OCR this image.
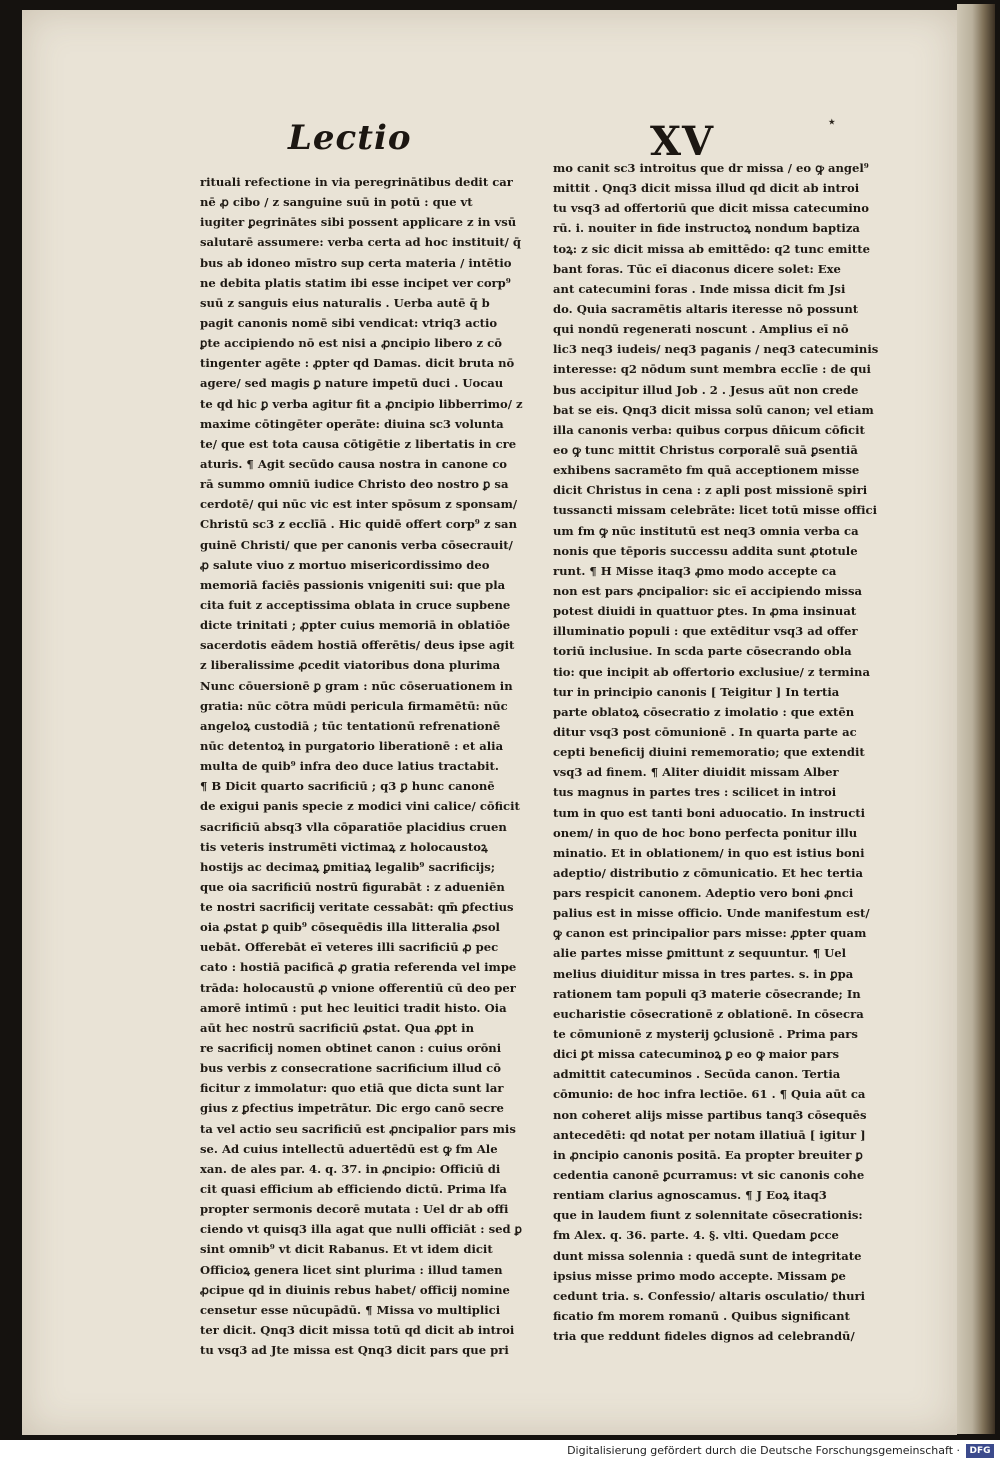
Lectio	XV	٭
rituali refectione in via peregrinātibus dedit car
nē ꝓ cibo / z sanguine suū in potū : que vt
iugiter ꝑegrinātes sibi possent applicare z in vsū
salutarē assumere: verba certa ad hoc instituit/ q̄
bus ab idoneo mīstro sup certa materia / intētio
ne debita platis statim ibi esse incipet ver corp⁹
suū z sanguis eius naturalis . Uerba autē q̄ b
pagit canonis nomē sibi vendicat: vtriq3 actio
ꝑte accipiendo nō est nisi a ꝓncipio libero z cō
tingenter agēte : ꝓpter qd Damas. dicit bruta nō
agere/ sed magis ꝑ nature impetū duci . Uocau
te qd hic ꝑ verba agitur fit a ꝓncipio libberrimo/ z
maxime cōtingēter operāte: diuina sc3 volunta
te/ que est tota causa cōtigētie z libertatis in cre
aturis. ¶ Agit secūdo causa nostra in canone co
rā summo omniū iudice Christo deo nostro ꝑ sa
cerdotē/ qui nūc vic est inter spōsum z sponsam/
Christū sc3 z ecclīā . Hic quidē offert corp⁹ z san
guinē Christi/ que per canonis verba cōsecrauit/
ꝓ salute viuo z mortuo misericordissimo deo
memoriā faciēs passionis vnigeniti sui: que pla
cita fuit z acceptissima oblata in cruce supbene
dicte trinitati ; ꝓpter cuius memoriā in oblatiōe
sacerdotis eādem hostiā offerētis/ deus ipse agit
z liberalissime ꝓcedit viatoribus dona plurima
Nunc cōuersionē ꝑ gram : nūc cōseruationem in
gratia: nūc cōtra mūdi pericula firmamētū: nūc
angeloꝝ custodiā ; tūc tentationū refrenationē
nūc detentoꝝ in purgatorio liberationē : et alia
multa de quib⁹ infra deo duce latius tractabit.
¶ B Dicit quarto sacrificiū ; q3 ꝑ hunc canonē
de exigui panis specie z modici vini calice/ cōficit
sacrificiū absq3 vlla cōparatiōe placidius cruen
tis veteris instrumēti victimaꝝ z holocaustoꝝ
hostijs ac decimaꝝ ꝑmitiaꝝ legalib⁹ sacrificijs;
que oia sacrificiū nostrū figurabāt : z adueniēn
te nostri sacrificij veritate cessabāt: qm̄ ꝑfectius
oia ꝓstat ꝑ quib⁹ cōsequēdis illa litteralia ꝓsol
uebāt. Offerebāt eī veteres illi sacrificiū ꝓ pec
cato : hostiā pacificā ꝓ gratia referenda vel impe
trāda: holocaustū ꝓ vnione offerentiū cū deo per
amorē intimū : put hec leuitici tradit histo. Oia
aūt hec nostrū sacrificiū ꝓstat. Qua ꝓpt in
re sacrificij nomen obtinet canon : cuius orōni
bus verbis z consecratione sacrificium illud cō
ficitur z immolatur: quo etiā que dicta sunt lar
gius z ꝑfectius impetrātur. Dic ergo canō secre
ta vel actio seu sacrificiū est ꝓncipalior pars mis
se. Ad cuius intellectū aduertēdū est ꝙ fm Ale
xan. de ales par. 4. q. 37. in ꝓncipio: Officiū di
cit quasi efficium ab efficiendo dictū. Prima lfa
propter sermonis decorē mutata : Uel dr ab offi
ciendo vt quisq3 illa agat que nulli officiāt : sed ꝑ
sint omnib⁹ vt dicit Rabanus. Et vt idem dicit
Officioꝝ genera licet sint plurima : illud tamen
ꝓcipue qd in diuinis rebus habet/ officij nomine
censetur esse nūcupādū. ¶ Missa vo multiplici
ter dicit. Qnq3 dicit missa totū qd dicit ab introi
tu vsq3 ad Jte missa est Qnq3 dicit pars que pri
mo canit sc3 introitus que dr missa / eo ꝙ angel⁹
mittit . Qnq3 dicit missa illud qd dicit ab introi
tu vsq3 ad offertoriū que dicit missa catecumino
rū. i. nouiter in fide instructoꝝ nondum baptiza
toꝝ: z sic dicit missa ab emittēdo: q2 tunc emitte
bant foras. Tūc eī diaconus dicere solet: Exe
ant catecumini foras . Inde missa dicit fm Jsi
do. Quia sacramētis altaris iteresse nō possunt
qui nondū regenerati noscunt . Amplius eī nō
lic3 neq3 iudeis/ neq3 paganis / neq3 catecuminis
interesse: q2 nōdum sunt membra ecclīe : de qui
bus accipitur illud Job . 2 . Jesus aūt non crede
bat se eis. Qnq3 dicit missa solū canon; vel etiam
illa canonis verba: quibus corpus dn̄icum cōficit
eo ꝙ tunc mittit Christus corporalē suā ꝑsentiā
exhibens sacramēto fm quā acceptionem misse
dicit Christus in cena : z apli post missionē spiri
tussancti missam celebrāte: licet totū misse offici
um fm ꝙ nūc institutū est neq3 omnia verba ca
nonis que tēporis successu addita sunt ꝓtotule
runt. ¶ H Misse itaq3 ꝓmo modo accepte ca
non est pars ꝓncipalior: sic eī accipiendo missa
potest diuidi in quattuor ꝑtes. In ꝓma insinuat
illuminatio populi : que extēditur vsq3 ad offer
toriū inclusiue. In scda parte cōsecrando obla
tio: que incipit ab offertorio exclusiue/ z termina
tur in principio canonis [ Teigitur ] In tertia
parte oblatoꝝ cōsecratio z imolatio : que extēn
ditur vsq3 post cōmunionē . In quarta parte ac
cepti beneficij diuini rememoratio; que extendit
vsq3 ad finem. ¶ Aliter diuidit missam Alber
tus magnus in partes tres : scilicet in introi
tum in quo est tanti boni aduocatio. In instructi
onem/ in quo de hoc bono perfecta ponitur illu
minatio. Et in oblationem/ in quo est istius boni
adeptio/ distributio z cōmunicatio. Et hec tertia
pars respicit canonem. Adeptio vero boni ꝓnci
palius est in misse officio. Unde manifestum est/
ꝙ canon est principalior pars misse: ꝓpter quam
alie partes misse ꝑmittunt z sequuntur. ¶ Uel
melius diuiditur missa in tres partes. s. in ꝑpa
rationem tam populi q3 materie cōsecrande; In
eucharistie cōsecrationē z oblationē. In cōsecra
te cōmunionē z mysterij ꝯclusionē . Prima pars
dici ꝑt missa catecuminoꝝ ꝑ eo ꝙ maior pars
admittit catecuminos . Secūda canon. Tertia
cōmunio: de hoc infra lectiōe. 61 . ¶ Quia aūt ca
non coheret alijs misse partibus tanq3 cōsequēs
antecedēti: qd notat per notam illatiuā [ igitur ]
in ꝓncipio canonis positā. Ea propter breuiter ꝑ
cedentia canonē ꝑcurramus: vt sic canonis cohe
rentiam clarius agnoscamus. ¶ J Eoꝝ itaq3
que in laudem fiunt z solennitate cōsecrationis:
fm Alex. q. 36. parte. 4. §. vlti. Quedam ꝑcce
dunt missa solennia : quedā sunt de integritate
ipsius misse primo modo accepte. Missam ꝑe
cedunt tria. s. Confessio/ altaris osculatio/ thuri
ficatio fm morem romanū . Quibus significant
tria que reddunt fideles dignos ad celebrandū/
Digitalisierung gefördert durch die Deutsche Forschungsgemeinschaft ·	DFG
